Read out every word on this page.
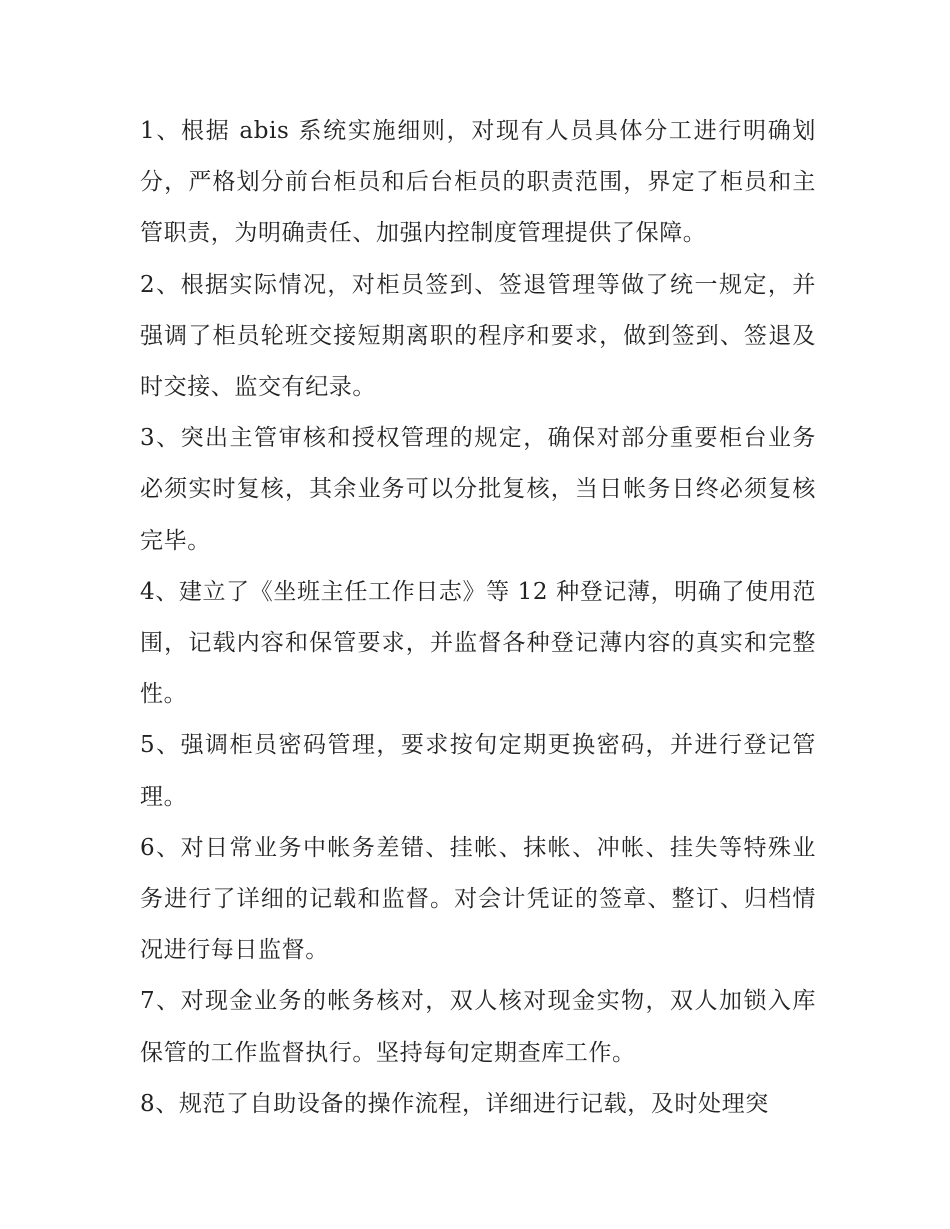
1、根据 abis 系统实施细则，对现有人员具体分工进行明确划分，严格划分前台柜员和后台柜员的职责范围，界定了柜员和主管职责，为明确责任、加强内控制度管理提供了保障。

2、根据实际情况，对柜员签到、签退管理等做了统一规定，并强调了柜员轮班交接短期离职的程序和要求，做到签到、签退及时交接、监交有纪录。

3、突出主管审核和授权管理的规定，确保对部分重要柜台业务必须实时复核，其余业务可以分批复核，当日帐务日终必须复核完毕。

4、建立了《坐班主任工作日志》等 12 种登记薄，明确了使用范围，记载内容和保管要求，并监督各种登记薄内容的真实和完整性。

5、强调柜员密码管理，要求按旬定期更换密码，并进行登记管理。

6、对日常业务中帐务差错、挂帐、抹帐、冲帐、挂失等特殊业务进行了详细的记载和监督。对会计凭证的签章、整订、归档情况进行每日监督。

7、对现金业务的帐务核对，双人核对现金实物，双人加锁入库保管的工作监督执行。坚持每旬定期查库工作。

8、规范了自助设备的操作流程，详细进行记载，及时处理突
